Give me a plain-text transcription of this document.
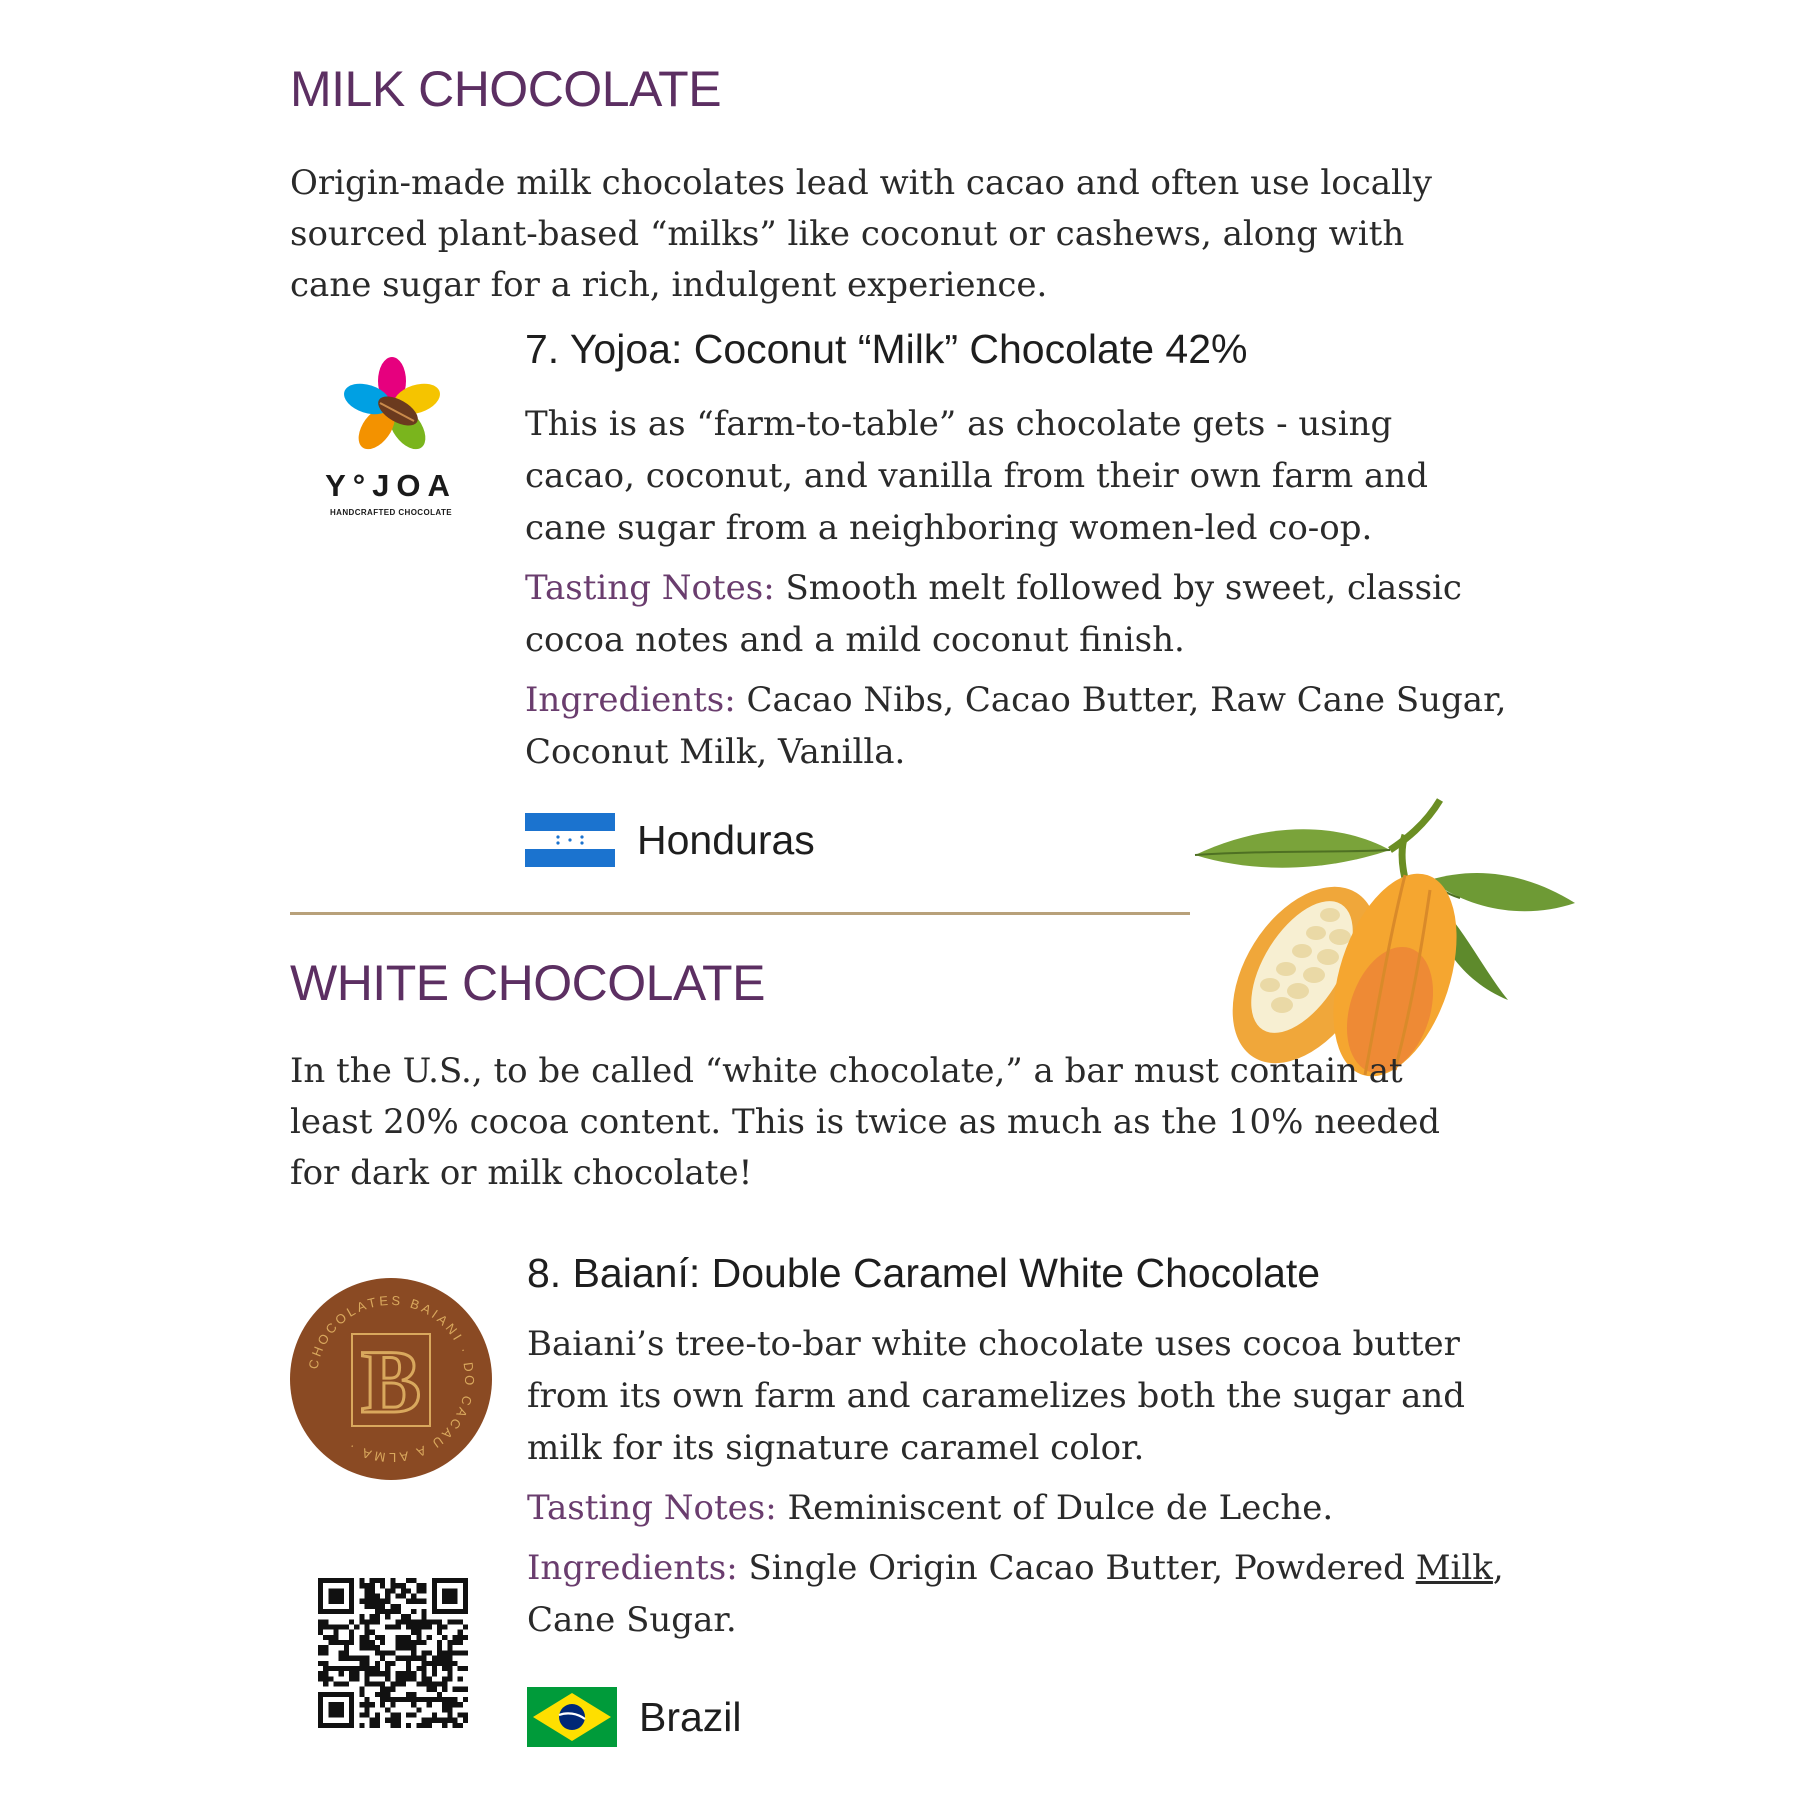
MILK CHOCOLATE

Origin-made milk chocolates lead with cacao and often use locally sourced plant-based “milks” like coconut or cashews, along with cane sugar for a rich, indulgent experience.

Y°JOA
HANDCRAFTED CHOCOLATE
7. Yojoa: Coconut “Milk” Chocolate 42%

This is as “farm-to-table” as chocolate gets - using cacao, coconut, and vanilla from their own farm and cane sugar from a neighboring women-led co-op.

Tasting Notes: Smooth melt followed by sweet, classic cocoa notes and a mild coconut finish.

Ingredients: Cacao Nibs, Cacao Butter, Raw Cane Sugar, Coconut Milk, Vanilla.

Honduras
WHITE CHOCOLATE

In the U.S., to be called “white chocolate,” a bar must contain at least 20% cocoa content. This is twice as much as the 10% needed for dark or milk chocolate!

CHOCOLATES BAIANI · DO CACAU A ALMA ·
B
8. Baianí: Double Caramel White Chocolate

Baiani’s tree-to-bar white chocolate uses cocoa butter from its own farm and caramelizes both the sugar and milk for its signature caramel color.

Tasting Notes: Reminiscent of Dulce de Leche.

Ingredients: Single Origin Cacao Butter, Powdered Milk, Cane Sugar.

Brazil
